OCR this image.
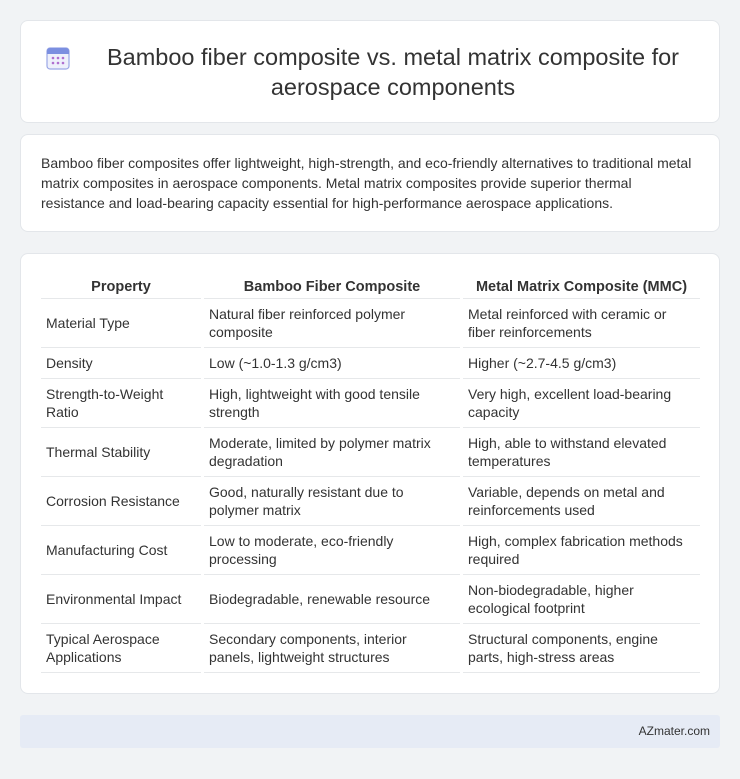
Bamboo fiber composite vs. metal matrix composite for aerospace components

Bamboo fiber composites offer lightweight, high-strength, and eco-friendly alternatives to traditional metal matrix composites in aerospace components. Metal matrix composites provide superior thermal resistance and load-bearing capacity essential for high-performance aerospace applications.

Property	Bamboo Fiber Composite	Metal Matrix Composite (MMC)
Material Type	Natural fiber reinforced polymer composite	Metal reinforced with ceramic or fiber reinforcements
Density	Low (~1.0-1.3 g/cm3)	Higher (~2.7-4.5 g/cm3)
Strength-to-Weight Ratio	High, lightweight with good tensile strength	Very high, excellent load-bearing capacity
Thermal Stability	Moderate, limited by polymer matrix degradation	High, able to withstand elevated temperatures
Corrosion Resistance	Good, naturally resistant due to polymer matrix	Variable, depends on metal and reinforcements used
Manufacturing Cost	Low to moderate, eco-friendly processing	High, complex fabrication methods required
Environmental Impact	Biodegradable, renewable resource	Non-biodegradable, higher ecological footprint
Typical Aerospace Applications	Secondary components, interior panels, lightweight structures	Structural components, engine parts, high-stress areas
AZmater.com
